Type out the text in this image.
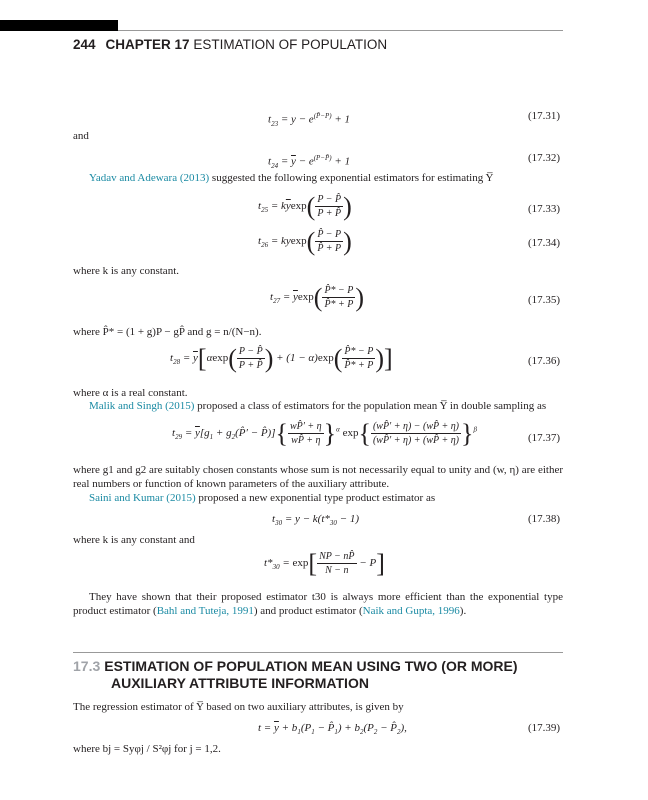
244 CHAPTER 17 ESTIMATION OF POPULATION
$t_{23} = y - e^{(P̂-P)} + 1$	(17.31)
and
$t_{24} = \overline{y} - e^{(P-P̂)} + 1$	(17.32)
Yadav and Adewara (2013) suggested the following exponential estimators for estimating Y̅
$t_{25} = k\overline{y}\exp( \frac{P - P̂}{P + P̂}$ )	(17.33)
$t_{26} = kyexp( \frac{P̂ - P}{P̂ + P}$ )	(17.34)
where k is any constant.
$t_{27} = \overline{y}\exp( \frac{P̂* - P}{P̂* + P}$ )	(17.35)
where P̂* = (1 + g)P − gP̂ and g = n/(N−n).
$t_{28} = \overline{y}[\alpha\exp( \frac{P - P̂}{P + P̂}$ ) + $(1 - \alpha)\exp( \frac{P̂* - P}{P̂* + P}$ )]	(17.36)
where α is a real constant.
Malik and Singh (2015) proposed a class of estimators for the population mean Y̅ in double sampling as
$t_{29} = \overline{y}[g_1$ + $g_2(P̂'$ − P̂)]{ $\frac{wP̂' + \eta}{wP̂ + \eta} \}^\alpha$ $\exp\{ \frac{(wP̂' + \eta) - (wP̂ + \eta)}{(wP̂' + \eta) + (wP̂ + \eta)} \}^\beta$
(17.37)
where g1 and g2 are suitably chosen constants whose sum is not necessarily equal to unity and (w, η) are either real numbers or function of known parameters of the auxiliary attribute.
Saini and Kumar (2015) proposed a new exponential type product estimator as
$t_{30} = y - k(t*_{30} - 1)$	(17.38)
where k is any constant and
$t*_{30} = \exp[ \frac{NP - nP̂}{N - n} - P]$
They have shown that their proposed estimator t30 is always more efficient than the exponential type product estimator (Bahl and Tuteja, 1991) and product estimator (Naik and Gupta, 1996).
17.3 ESTIMATION OF POPULATION MEAN USING TWO (OR MORE)
AUXILIARY ATTRIBUTE INFORMATION
The regression estimator of Y̅ based on two auxiliary attributes, is given by
$t = \overline{y} + b_1(P_1$ − $P̂_1) + b_2(P_2$ − $P̂_2$),	(17.39)
where bj = Syφj / S²φj for j = 1,2.
